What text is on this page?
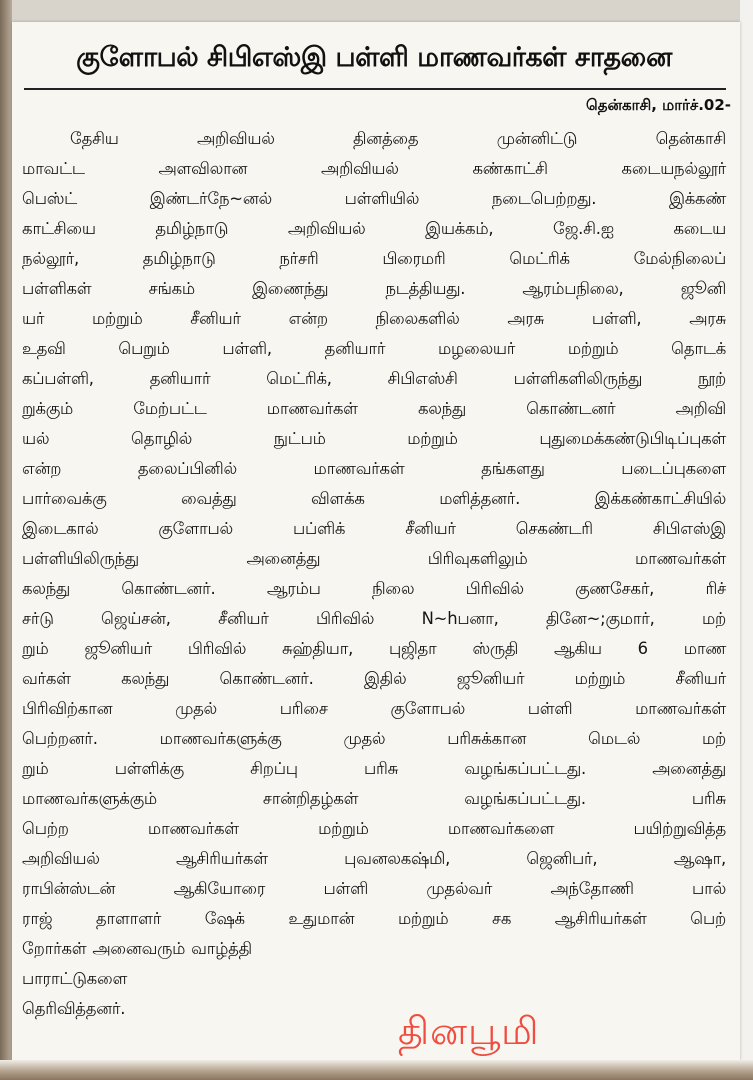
குளோபல் சிபிஎஸ்இ பள்ளி மாணவர்கள் சாதனை
தென்காசி, மார்ச்.02-
தேசிய அறிவியல் தினத்தை முன்னிட்டு தென்காசி
மாவட்ட அளவிலான அறிவியல் கண்காட்சி கடையநல்லூர்
பெஸ்ட் இண்டர்நே~னல் பள்ளியில் நடைபெற்றது. இக்கண்
காட்சியை தமிழ்நாடு அறிவியல் இயக்கம், ஜே.சி.ஐ கடைய
நல்லூர், தமிழ்நாடு நர்சரி பிரைமரி மெட்ரிக் மேல்நிலைப்
பள்ளிகள் சங்கம் இணைந்து நடத்தியது. ஆரம்பநிலை, ஜூனி
யர் மற்றும் சீனியர் என்ற நிலைகளில் அரசு பள்ளி, அரசு
உதவி பெறும் பள்ளி, தனியார் மழலையர் மற்றும் தொடக்
கப்பள்ளி, தனியார் மெட்ரிக், சிபிஎஸ்சி பள்ளிகளிலிருந்து நூற்
றுக்கும் மேற்பட்ட மாணவர்கள் கலந்து கொண்டனர் அறிவி
யல் தொழில் நுட்பம் மற்றும் புதுமைக்கண்டுபிடிப்புகள்
என்ற தலைப்பினில் மாணவர்கள் தங்களது படைப்புகளை
பார்வைக்கு வைத்து விளக்க மளித்தனர். இக்கண்காட்சியில்
இடைகால் குளோபல் பப்ளிக் சீனியர் செகண்டரி சிபிஎஸ்இ
பள்ளியிலிருந்து அனைத்து பிரிவுகளிலும் மாணவர்கள்
கலந்து கொண்டனர். ஆரம்ப நிலை பிரிவில் குணசேகர், ரிச்
சர்டு ஜெய்சன், சீனியர் பிரிவில் N~hபனா, தினே~;குமார், மற்
றும் ஜூனியர் பிரிவில் சுஹ்தியா, புஜிதா ஸ்ருதி ஆகிய 6 மாண
வர்கள் கலந்து கொண்டனர். இதில் ஜூனியர் மற்றும் சீனியர்
பிரிவிற்கான முதல் பரிசை குளோபல் பள்ளி மாணவர்கள்
பெற்றனர். மாணவர்களுக்கு முதல் பரிசுக்கான மெடல் மற்
றும் பள்ளிக்கு சிறப்பு பரிசு வழங்கப்பட்டது. அனைத்து
மாணவர்களுக்கும் சான்றிதழ்கள் வழங்கப்பட்டது. பரிசு
பெற்ற மாணவர்கள் மற்றும் மாணவர்களை பயிற்றுவித்த
அறிவியல் ஆசிரியர்கள் புவனலகஷ்மி, ஜெனிபர், ஆஷா,
ராபின்ஸ்டன் ஆகியோரை பள்ளி முதல்வர் அந்தோணி பால்
ராஜ் தாளாளர் ஷேக் உதுமான் மற்றும் சக ஆசிரியர்கள் பெற்
றோர்கள் அனைவரும் வாழ்த்தி
பாராட்டுகளை
தெரிவித்தனர்.
தினபூமி
